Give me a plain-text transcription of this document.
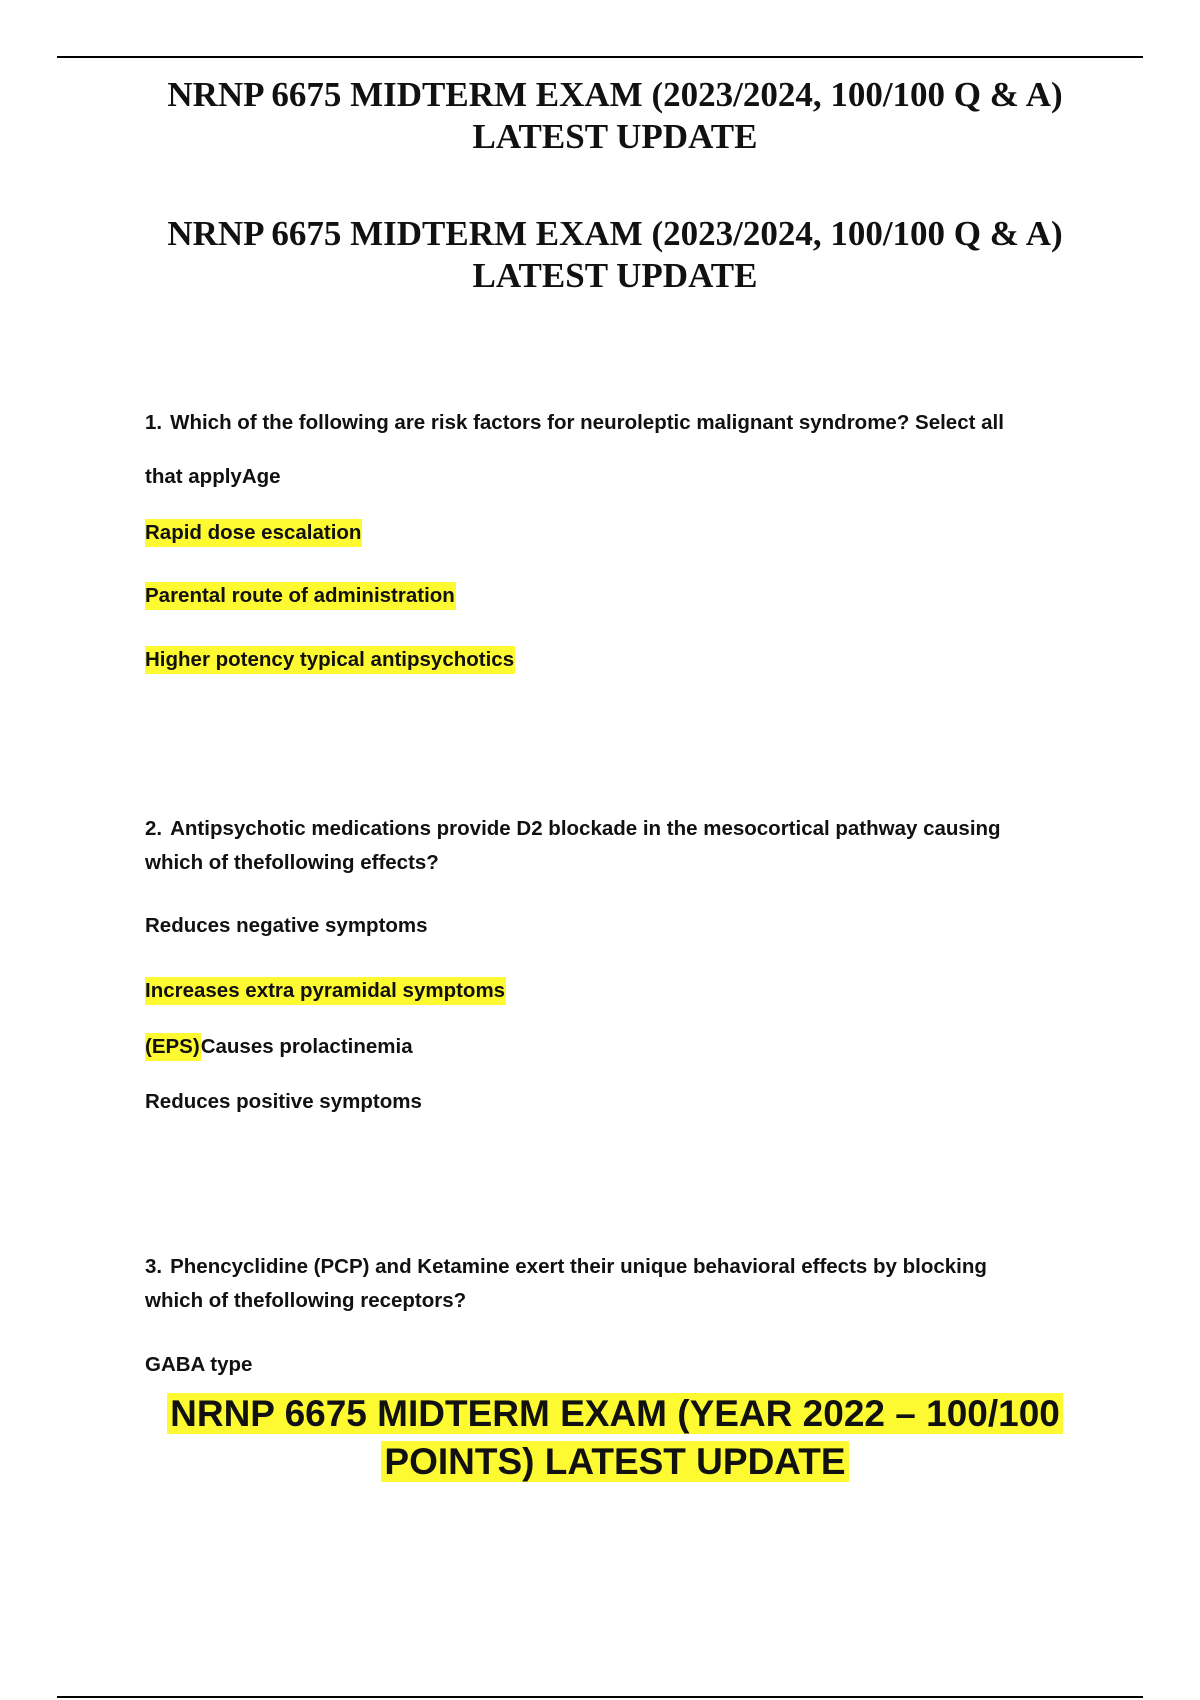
NRNP 6675 MIDTERM EXAM (2023/2024, 100/100 Q & A)
LATEST UPDATE
NRNP 6675 MIDTERM EXAM (2023/2024, 100/100 Q & A)
LATEST UPDATE
1. Which of the following are risk factors for neuroleptic malignant syndrome? Select all
that applyAge
Rapid dose escalation
Parental route of administration
Higher potency typical antipsychotics
2. Antipsychotic medications provide D2 blockade in the mesocortical pathway causing
which of thefollowing effects?
Reduces negative symptoms
Increases extra pyramidal symptoms
(EPS)Causes prolactinemia
Reduces positive symptoms
3. Phencyclidine (PCP) and Ketamine exert their unique behavioral effects by blocking
which of thefollowing receptors?
GABA type
NRNP 6675 MIDTERM EXAM (YEAR 2022 – 100/100
POINTS) LATEST UPDATE
